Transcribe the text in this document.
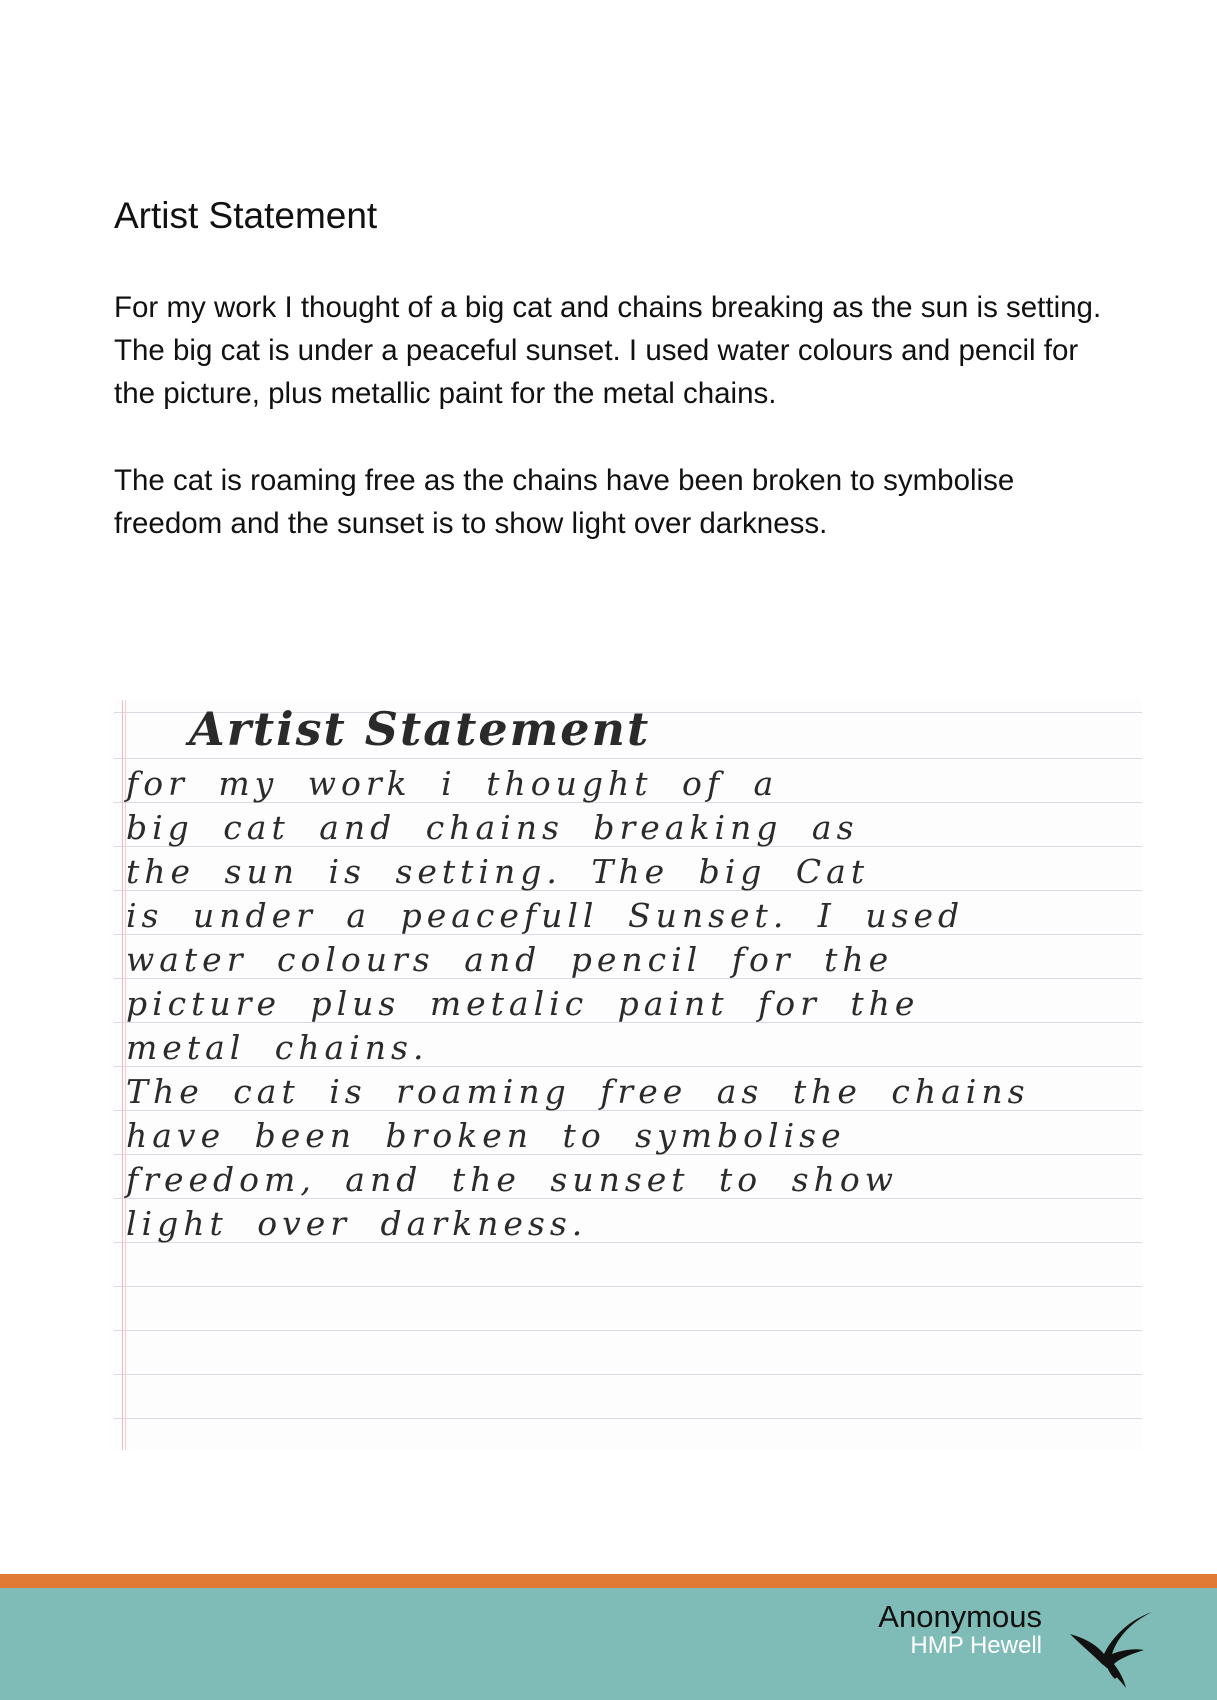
Artist Statement

For my work I thought of a big cat and chains breaking as the sun is setting. The big cat is under a peaceful sunset. I used water colours and pencil for the picture, plus metallic paint for the metal chains.

The cat is roaming free as the chains have been broken to symbolise freedom and the sunset is to show light over darkness.

Artist Statement
for my work i thought of a
big cat and chains breaking as
the sun is setting. The big Cat
is under a peacefull Sunset. I used
water colours and pencil for the
picture plus metalic paint for the
metal chains.
The cat is roaming free as the chains
have been broken to symbolise
freedom, and the sunset to show
light over darkness.
Anonymous
HMP Hewell
